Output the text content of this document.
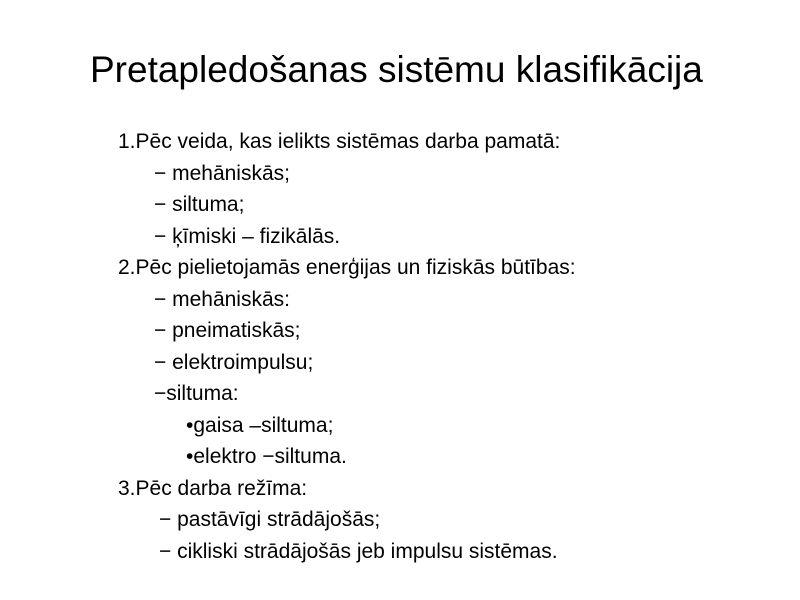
Pretapledošanas sistēmu klasifikācija
1.Pēc veida, kas ielikts sistēmas darba pamatā:
− mehāniskās;
− siltuma;
− ķīmiski – fizikālās.
2.Pēc pielietojamās enerģijas un fiziskās būtības:
− mehāniskās:
− pneimatiskās;
− elektroimpulsu;
−siltuma:
•gaisa –siltuma;
•elektro −siltuma.
3.Pēc darba režīma:
− pastāvīgi strādājošās;
− cikliski strādājošās jeb impulsu sistēmas.
